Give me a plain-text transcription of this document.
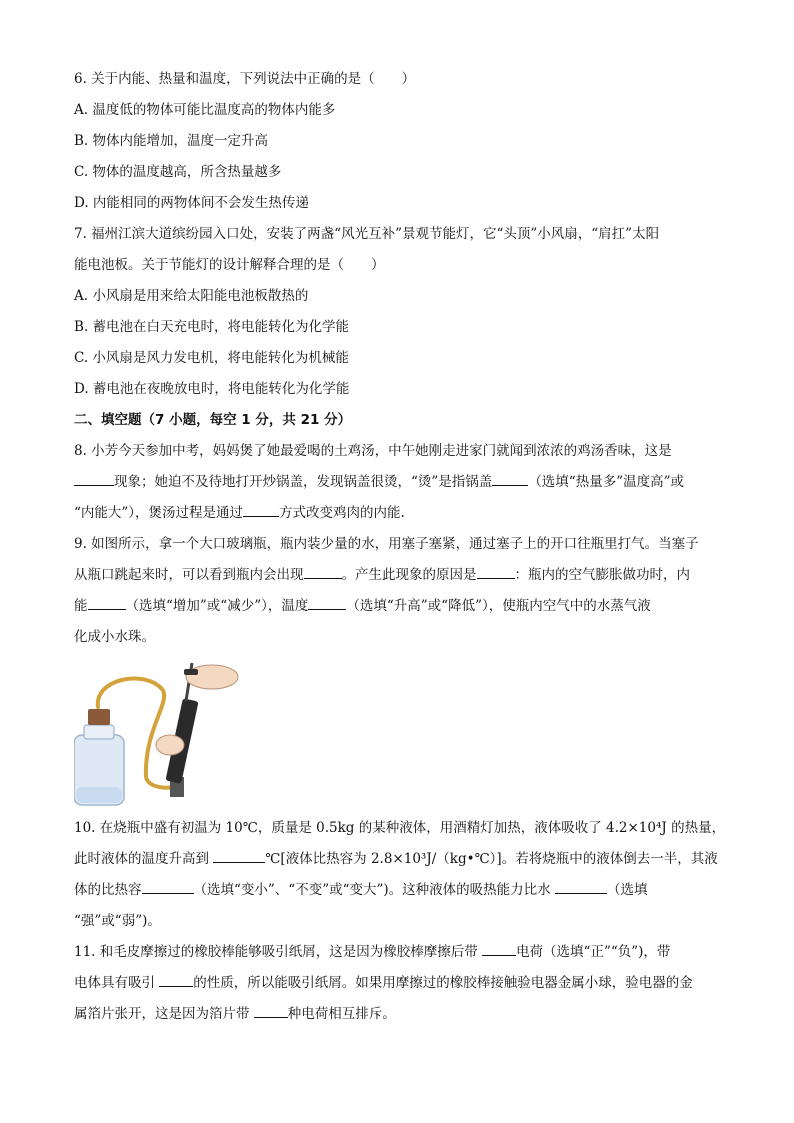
6. 关于内能、热量和温度，下列说法中正确的是（　　）
A. 温度低的物体可能比温度高的物体内能多
B. 物体内能增加，温度一定升高
C. 物体的温度越高，所含热量越多
D. 内能相同的两物体间不会发生热传递
7. 福州江滨大道缤纷园入口处，安装了两盏“风光互补”景观节能灯，它“头顶”小风扇，“肩扛”太阳
能电池板。关于节能灯的设计解释合理的是（　　）
A. 小风扇是用来给太阳能电池板散热的
B. 蓄电池在白天充电时，将电能转化为化学能
C. 小风扇是风力发电机，将电能转化为机械能
D. 蓄电池在夜晚放电时，将电能转化为化学能
二、填空题（7 小题，每空 1 分，共 21 分）
8. 小芳今天参加中考，妈妈煲了她最爱喝的土鸡汤，中午她刚走进家门就闻到浓浓的鸡汤香味，这是
现象；她迫不及待地打开炒锅盖，发现锅盖很烫，“烫”是指锅盖	（选填“热量多”温度高”或
“内能大”），煲汤过程是通过	方式改变鸡肉的内能.
9. 如图所示，拿一个大口玻璃瓶，瓶内装少量的水，用塞子塞紧，通过塞子上的开口往瓶里打气。当塞子
从瓶口跳起来时，可以看到瓶内会出现	。产生此现象的原因是	：瓶内的空气膨胀做功时，内
能	（选填“增加”或“减少”），温度	（选填“升高”或“降低”），使瓶内空气中的水蒸气液
化成小水珠。
10. 在烧瓶中盛有初温为 10℃，质量是 0.5kg 的某种液体，用酒精灯加热，液体吸收了 4.2×10⁴J 的热量，
此时液体的温度升高到	℃[液体比热容为 2.8×10³J/（kg•℃）]。若将烧瓶中的液体倒去一半，其液
体的比热容	（选填“变小”、“不变”或“变大”)。这种液体的吸热能力比水	（选填
“强”或“弱”)。
11. 和毛皮摩擦过的橡胶棒能够吸引纸屑，这是因为橡胶棒摩擦后带	电荷（选填“正”“负”)，带
电体具有吸引	的性质，所以能吸引纸屑。如果用摩擦过的橡胶棒接触验电器金属小球，验电器的金
属箔片张开，这是因为箔片带	种电荷相互排斥。
